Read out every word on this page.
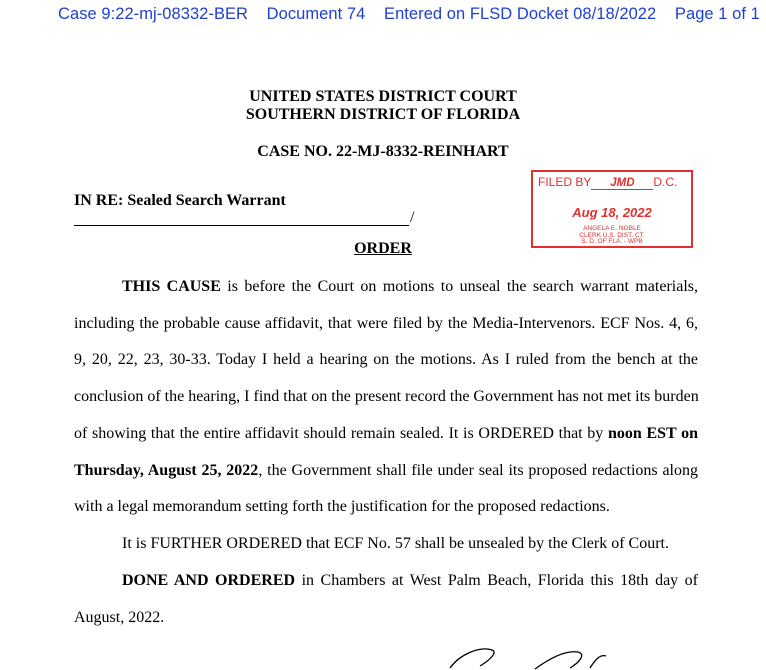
Case 9:22-mj-08332-BER Document 74 Entered on FLSD Docket 08/18/2022 Page 1 of 1
UNITED STATES DISTRICT COURT
SOUTHERN DISTRICT OF FLORIDA
CASE NO. 22-MJ-8332-REINHART
IN RE: Sealed Search Warrant
/
FILED BY JMD D.C.
Aug 18, 2022
ANGELA E. NOBLE
CLERK U.S. DIST. CT.
S. D. OF FLA. - WPB
ORDER
THIS CAUSE is before the Court on motions to unseal the search warrant materials,
including the probable cause affidavit, that were filed by the Media-Intervenors. ECF Nos. 4, 6,
9, 20, 22, 23, 30-33. Today I held a hearing on the motions. As I ruled from the bench at the
conclusion of the hearing, I find that on the present record the Government has not met its burden
of showing that the entire affidavit should remain sealed. It is ORDERED that by noon EST on
Thursday, August 25, 2022, the Government shall file under seal its proposed redactions along
with a legal memorandum setting forth the justification for the proposed redactions.
It is FURTHER ORDERED that ECF No. 57 shall be unsealed by the Clerk of Court.
DONE AND ORDERED in Chambers at West Palm Beach, Florida this 18th day of
August, 2022.
